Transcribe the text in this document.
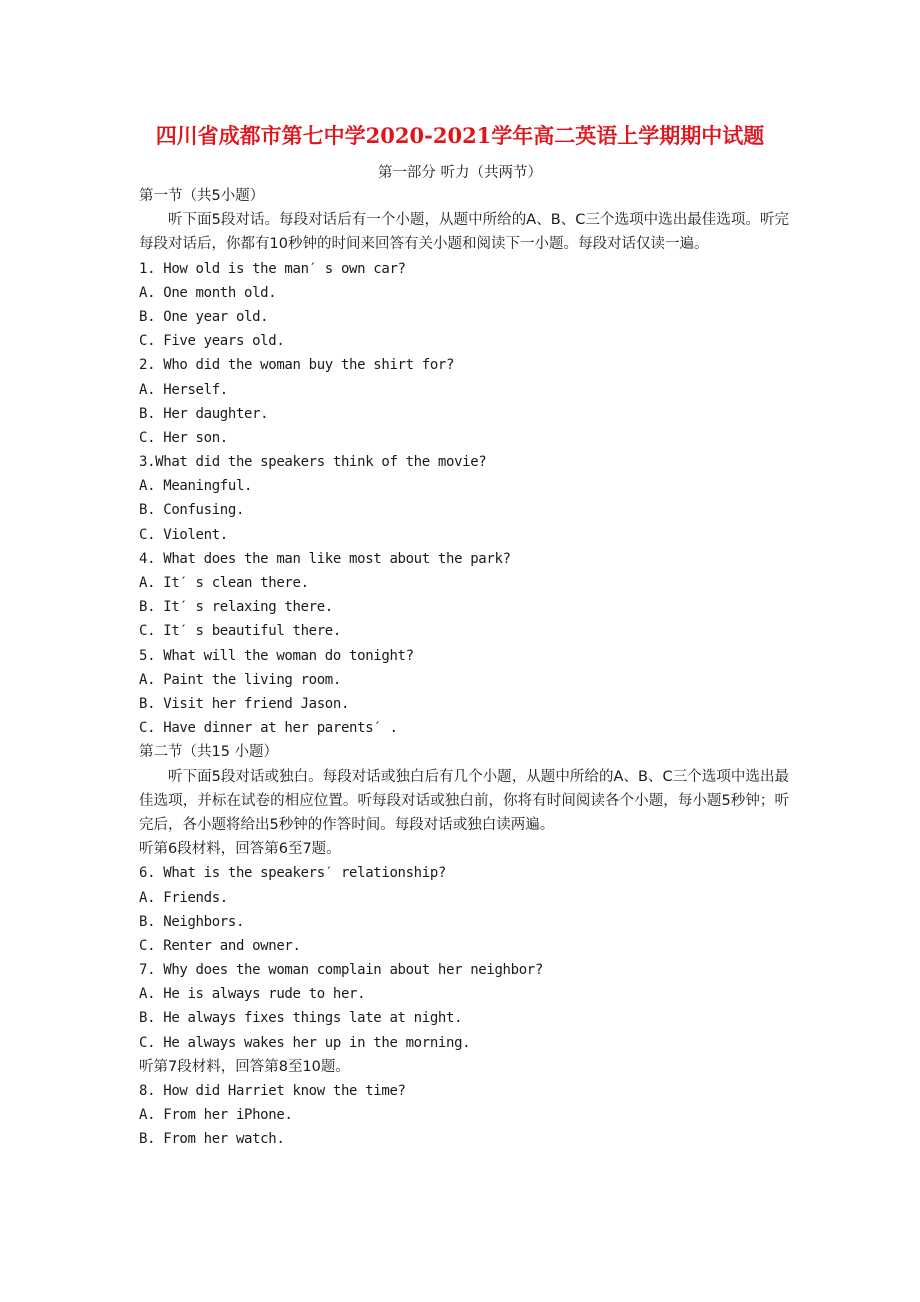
四川省成都市第七中学2020-2021学年高二英语上学期期中试题
第一部分 听力（共两节）
第一节（共5小题）
听下面5段对话。每段对话后有一个小题，从题中所给的A、B、C三个选项中选出最佳选项。听完每段对话后，你都有10秒钟的时间来回答有关小题和阅读下一小题。每段对话仅读一遍。
1. How old is the man′ s own car?
A. One month old.
B. One year old.
C. Five years old.
2. Who did the woman buy the shirt for?
A. Herself.
B. Her daughter.
C. Her son.
3.What did the speakers think of the movie?
A. Meaningful.
B. Confusing.
C. Violent.
4. What does the man like most about the park?
A. It′ s clean there.
B. It′ s relaxing there.
C. It′ s beautiful there.
5. What will the woman do tonight?
A. Paint the living room.
B. Visit her friend Jason.
C. Have dinner at her parents′ .
第二节（共15 小题）
听下面5段对话或独白。每段对话或独白后有几个小题，从题中所给的A、B、C三个选项中选出最佳选项，并标在试卷的相应位置。听每段对话或独白前，你将有时间阅读各个小题，每小题5秒钟；听完后，各小题将给出5秒钟的作答时间。每段对话或独白读两遍。
听第6段材料，回答第6至7题。
6. What is the speakers′ relationship?
A. Friends.
B. Neighbors.
C. Renter and owner.
7. Why does the woman complain about her neighbor?
A. He is always rude to her.
B. He always fixes things late at night.
C. He always wakes her up in the morning.
听第7段材料，回答第8至10题。
8. How did Harriet know the time?
A. From her iPhone.
B. From her watch.
